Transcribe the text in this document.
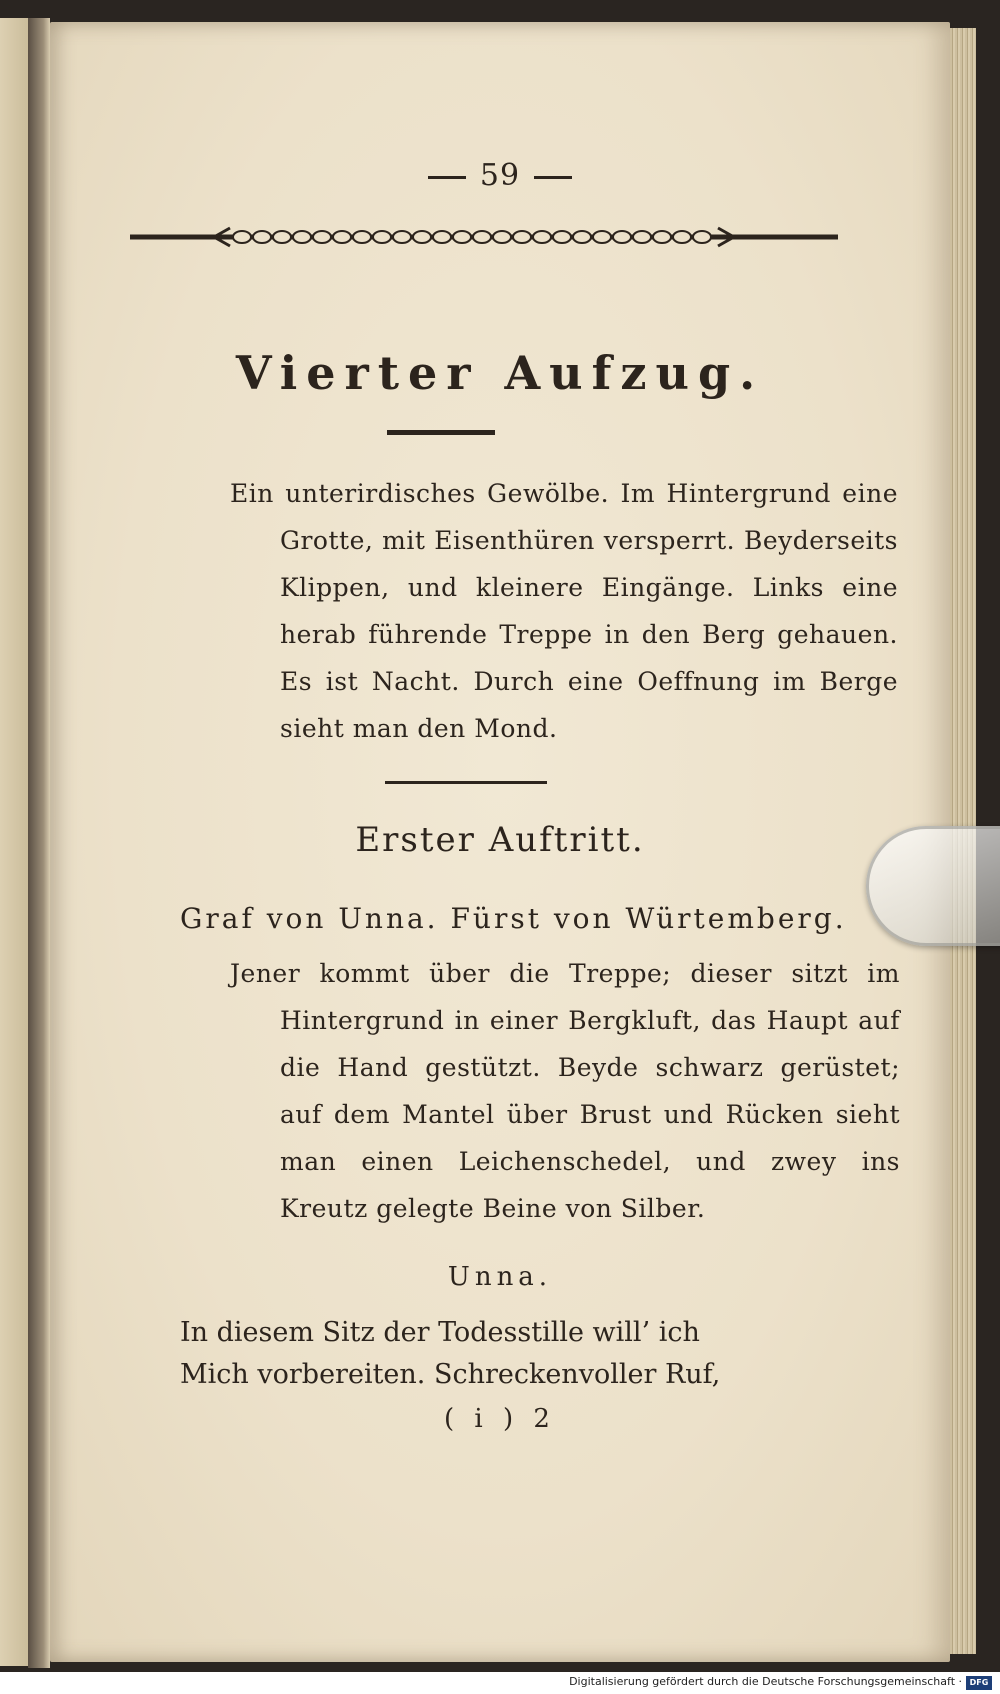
59
Vierter Aufzug.
Ein unterirdisches Gewölbe. Im Hintergrund eine Grotte, mit Eisenthüren versperrt. Beyderseits Klippen, und kleinere Eingänge. Links eine herab führende Treppe in den Berg gehauen. Es ist Nacht. Durch eine Oeffnung im Berge sieht man den Mond.
Erster Auftritt.
Graf von Unna. Fürst von Würtemberg.
Jener kommt über die Treppe; dieser sitzt im Hintergrund in einer Bergkluft, das Haupt auf die Hand gestützt. Beyde schwarz gerüstet; auf dem Mantel über Brust und Rücken sieht man einen Leichenschedel, und zwey ins Kreutz gelegte Beine von Silber.
Unna.
In diesem Sitz der Todesstille will’ ich
Mich vorbereiten. Schreckenvoller Ruf,
( i ) 2
Digitalisierung gefördert durch die Deutsche Forschungsgemeinschaft · DFG
